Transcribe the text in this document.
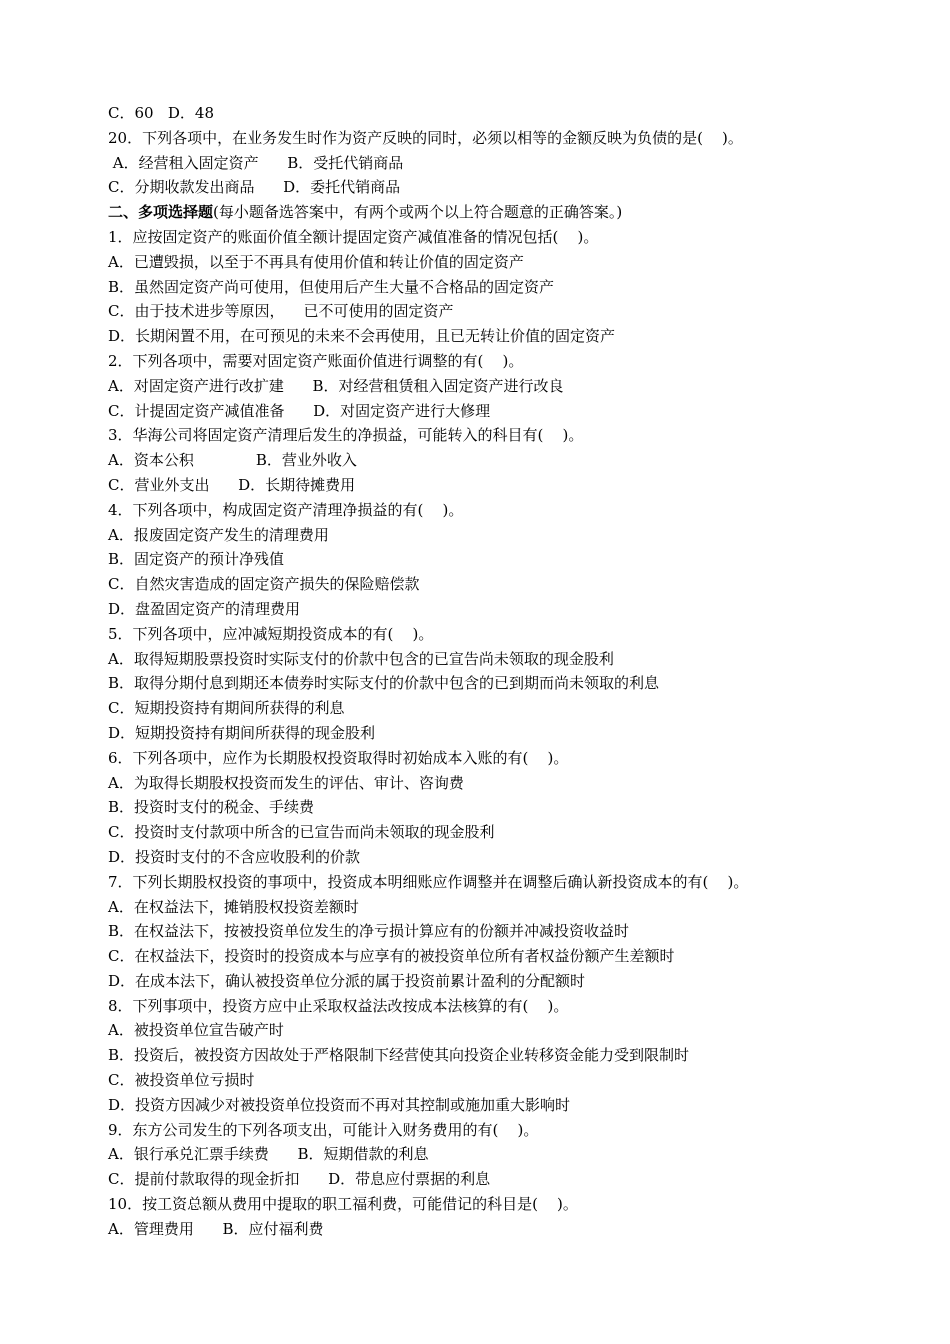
C．60   D．48
20．下列各项中，在业务发生时作为资产反映的同时，必须以相等的金额反映为负债的是(    )。
A．经营租入固定资产      B．受托代销商品
C．分期收款发出商品      D．委托代销商品
二、多项选择题(每小题备选答案中，有两个或两个以上符合题意的正确答案。)
1．应按固定资产的账面价值全额计提固定资产减值准备的情况包括(    )。
A．已遭毁损，以至于不再具有使用价值和转让价值的固定资产
B．虽然固定资产尚可使用，但使用后产生大量不合格品的固定资产
C．由于技术进步等原因，    已不可使用的固定资产
D．长期闲置不用，在可预见的未来不会再使用，且已无转让价值的固定资产
2．下列各项中，需要对固定资产账面价值进行调整的有(    )。
A．对固定资产进行改扩建      B．对经营租赁租入固定资产进行改良
C．计提固定资产减值准备      D．对固定资产进行大修理
3．华海公司将固定资产清理后发生的净损益，可能转入的科目有(    )。
A．资本公积             B．营业外收入
C．营业外支出      D．长期待摊费用
4．下列各项中，构成固定资产清理净损益的有(    )。
A．报废固定资产发生的清理费用
B．固定资产的预计净残值
C．自然灾害造成的固定资产损失的保险赔偿款
D．盘盈固定资产的清理费用
5．下列各项中，应冲减短期投资成本的有(    )。
A．取得短期股票投资时实际支付的价款中包含的已宣告尚未领取的现金股利
B．取得分期付息到期还本债券时实际支付的价款中包含的已到期而尚未领取的利息
C．短期投资持有期间所获得的利息
D．短期投资持有期间所获得的现金股利
6．下列各项中，应作为长期股权投资取得时初始成本入账的有(    )。
A．为取得长期股权投资而发生的评估、审计、咨询费
B．投资时支付的税金、手续费
C．投资时支付款项中所含的已宣告而尚未领取的现金股利
D．投资时支付的不含应收股利的价款
7．下列长期股权投资的事项中，投资成本明细账应作调整并在调整后确认新投资成本的有(    )。
A．在权益法下，摊销股权投资差额时
B．在权益法下，按被投资单位发生的净亏损计算应有的份额并冲减投资收益时
C．在权益法下，投资时的投资成本与应享有的被投资单位所有者权益份额产生差额时
D．在成本法下，确认被投资单位分派的属于投资前累计盈利的分配额时
8．下列事项中，投资方应中止采取权益法改按成本法核算的有(    )。
A．被投资单位宣告破产时
B．投资后，被投资方因故处于严格限制下经营使其向投资企业转移资金能力受到限制时
C．被投资单位亏损时
D．投资方因减少对被投资单位投资而不再对其控制或施加重大影响时
9．东方公司发生的下列各项支出，可能计入财务费用的有(    )。
A．银行承兑汇票手续费      B．短期借款的利息
C．提前付款取得的现金折扣      D．带息应付票据的利息
10．按工资总额从费用中提取的职工福利费，可能借记的科目是(    )。
A．管理费用      B．应付福利费
